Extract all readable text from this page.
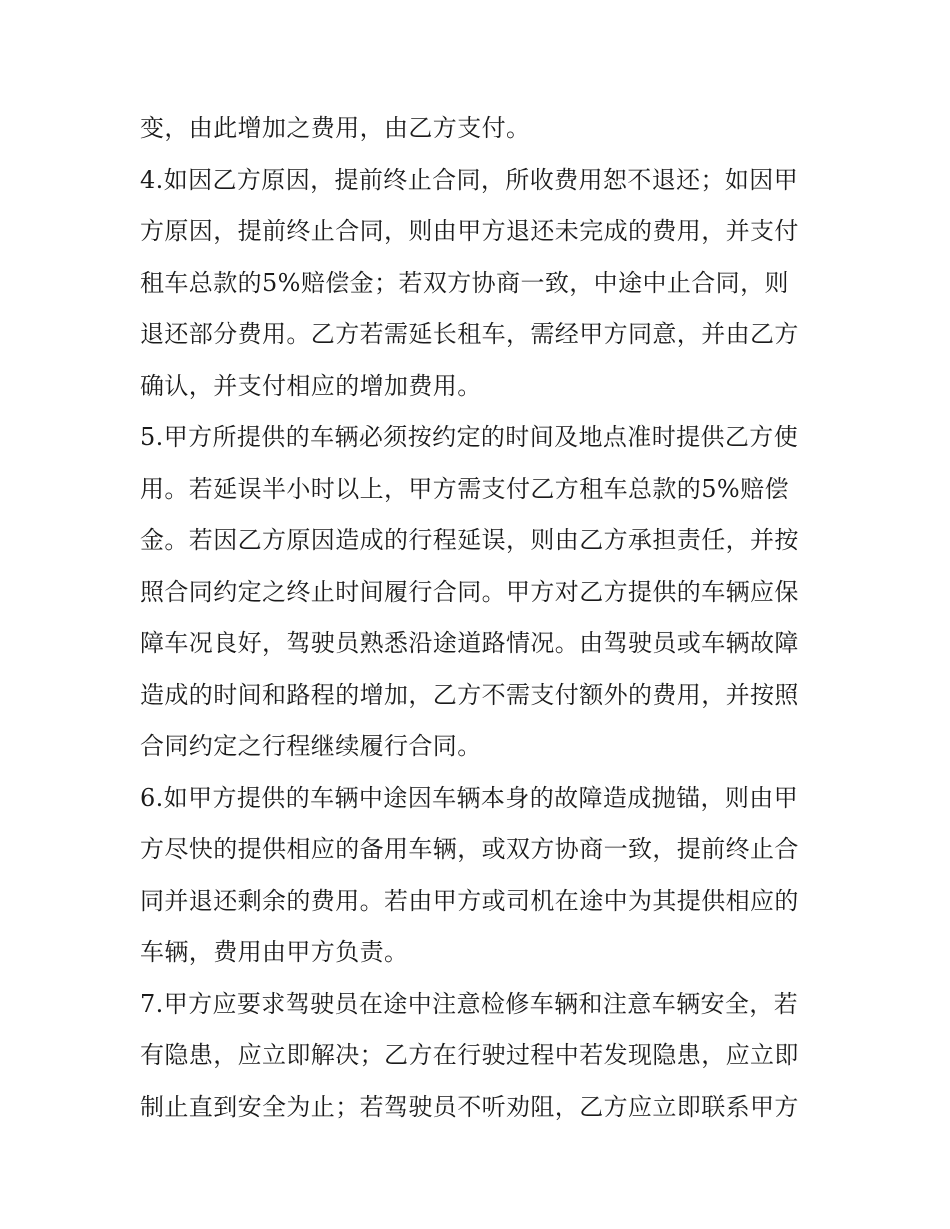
变，由此增加之费用，由乙方支付。
4.如因乙方原因，提前终止合同，所收费用恕不退还；如因甲
方原因，提前终止合同，则由甲方退还未完成的费用，并支付
租车总款的5%赔偿金；若双方协商一致，中途中止合同，则
退还部分费用。乙方若需延长租车，需经甲方同意，并由乙方
确认，并支付相应的增加费用。
5.甲方所提供的车辆必须按约定的时间及地点准时提供乙方使
用。若延误半小时以上，甲方需支付乙方租车总款的5%赔偿
金。若因乙方原因造成的行程延误，则由乙方承担责任，并按
照合同约定之终止时间履行合同。甲方对乙方提供的车辆应保
障车况良好，驾驶员熟悉沿途道路情况。由驾驶员或车辆故障
造成的时间和路程的增加，乙方不需支付额外的费用，并按照
合同约定之行程继续履行合同。
6.如甲方提供的车辆中途因车辆本身的故障造成抛锚，则由甲
方尽快的提供相应的备用车辆，或双方协商一致，提前终止合
同并退还剩余的费用。若由甲方或司机在途中为其提供相应的
车辆，费用由甲方负责。
7.甲方应要求驾驶员在途中注意检修车辆和注意车辆安全，若
有隐患，应立即解决；乙方在行驶过程中若发现隐患，应立即
制止直到安全为止；若驾驶员不听劝阻，乙方应立即联系甲方
